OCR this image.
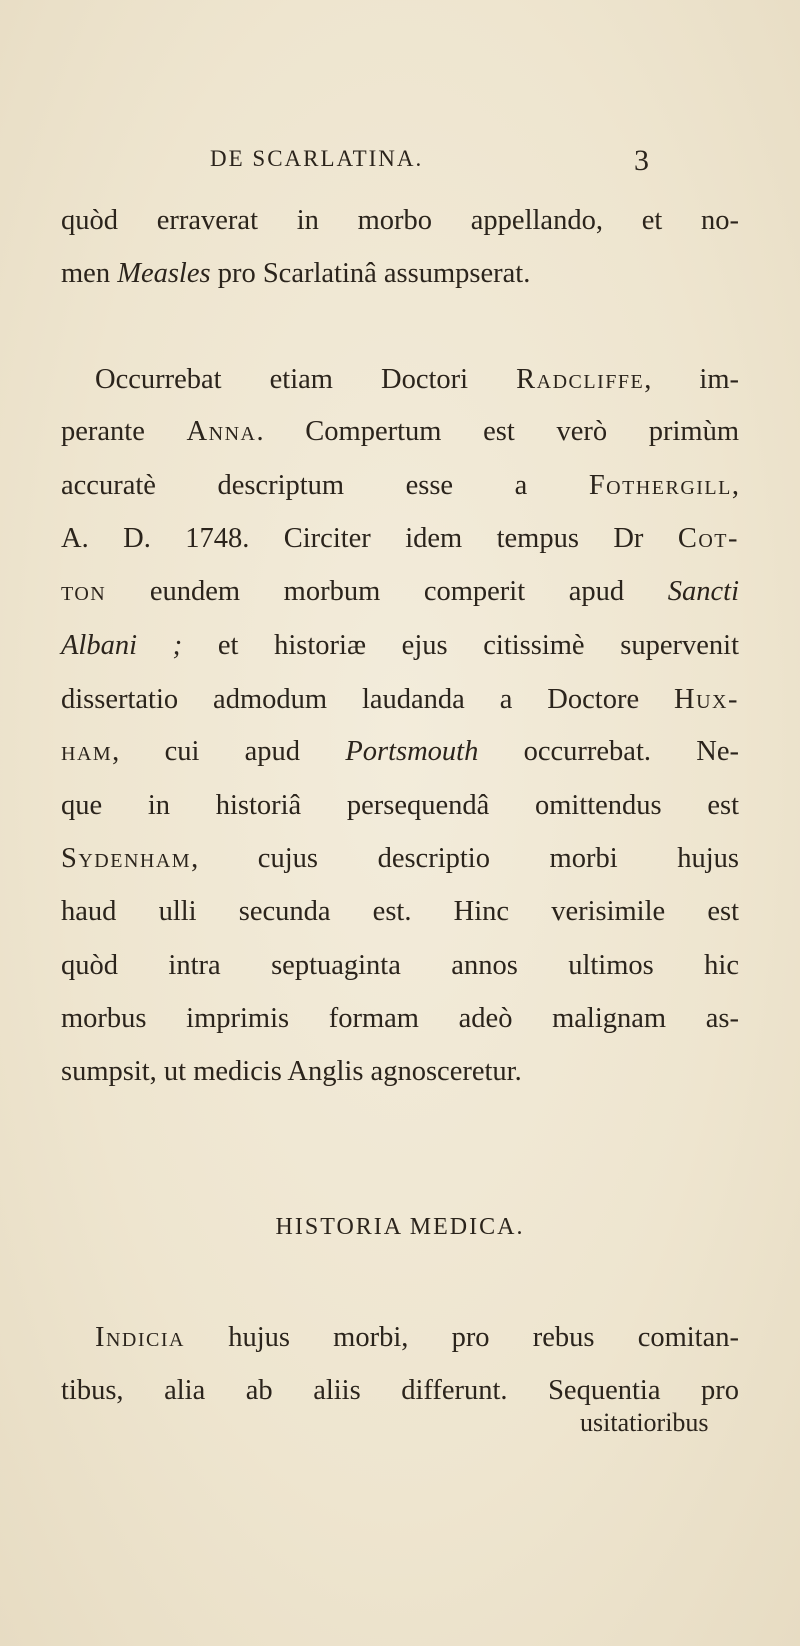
DE SCARLATINA.	3
quòd erraverat in morbo appellando, et no-
men Measles pro Scarlatinâ assumpserat.
Occurrebat etiam Doctori Radcliffe, im-
perante Anna. Compertum est verò primùm
accuratè descriptum esse a Fothergill,
A. D. 1748. Circiter idem tempus Dr Cot-
ton eundem morbum comperit apud Sancti
Albani ; et historiæ ejus citissimè supervenit
dissertatio admodum laudanda a Doctore Hux-
ham, cui apud Portsmouth occurrebat. Ne-
que in historiâ persequendâ omittendus est
Sydenham, cujus descriptio morbi hujus
haud ulli secunda est. Hinc verisimile est
quòd intra septuaginta annos ultimos hic
morbus imprimis formam adeò malignam as-
sumpsit, ut medicis Anglis agnosceretur.
Indicia hujus morbi, pro rebus comitan-
tibus, alia ab aliis differunt. Sequentia pro
HISTORIA MEDICA.
usitatioribus
